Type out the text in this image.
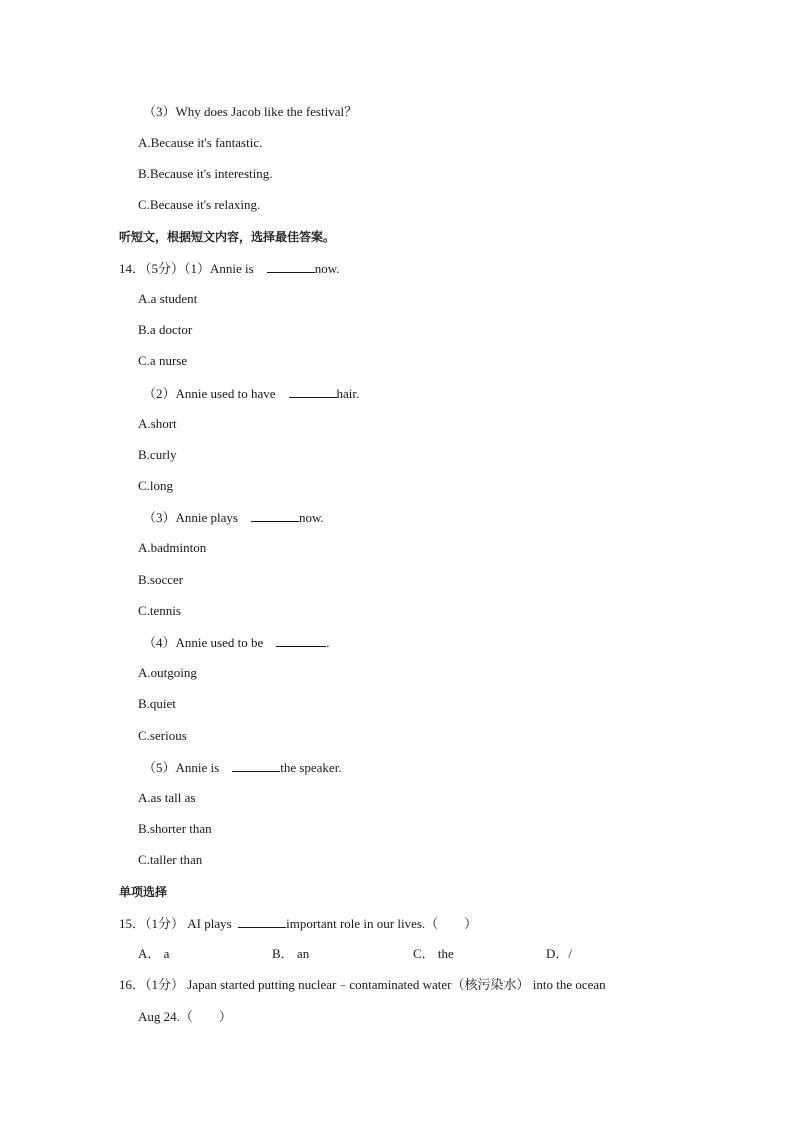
（3）Why does Jacob like the festival？
A.Because it's fantastic.
B.Because it's interesting.
C.Because it's relaxing.
听短文，根据短文内容，选择最佳答案。
14．（5分）（1）Annie is	now.
A.a student
B.a doctor
C.a nurse
（2）Annie used to have	hair.
A.short
B.curly
C.long
（3）Annie plays	now.
A.badminton
B.soccer
C.tennis
（4）Annie used to be	.
A.outgoing
B.quiet
C.serious
（5）Annie is	the speaker.
A.as tall as
B.shorter than
C.taller than
单项选择
15．（1分） AI plays	important role in our lives.（　　）
A． a	B． an	C． the	D．/
16．（1分） Japan started putting nuclear﹣contaminated water（核污染水） into the ocean
Aug 24.（　　）
